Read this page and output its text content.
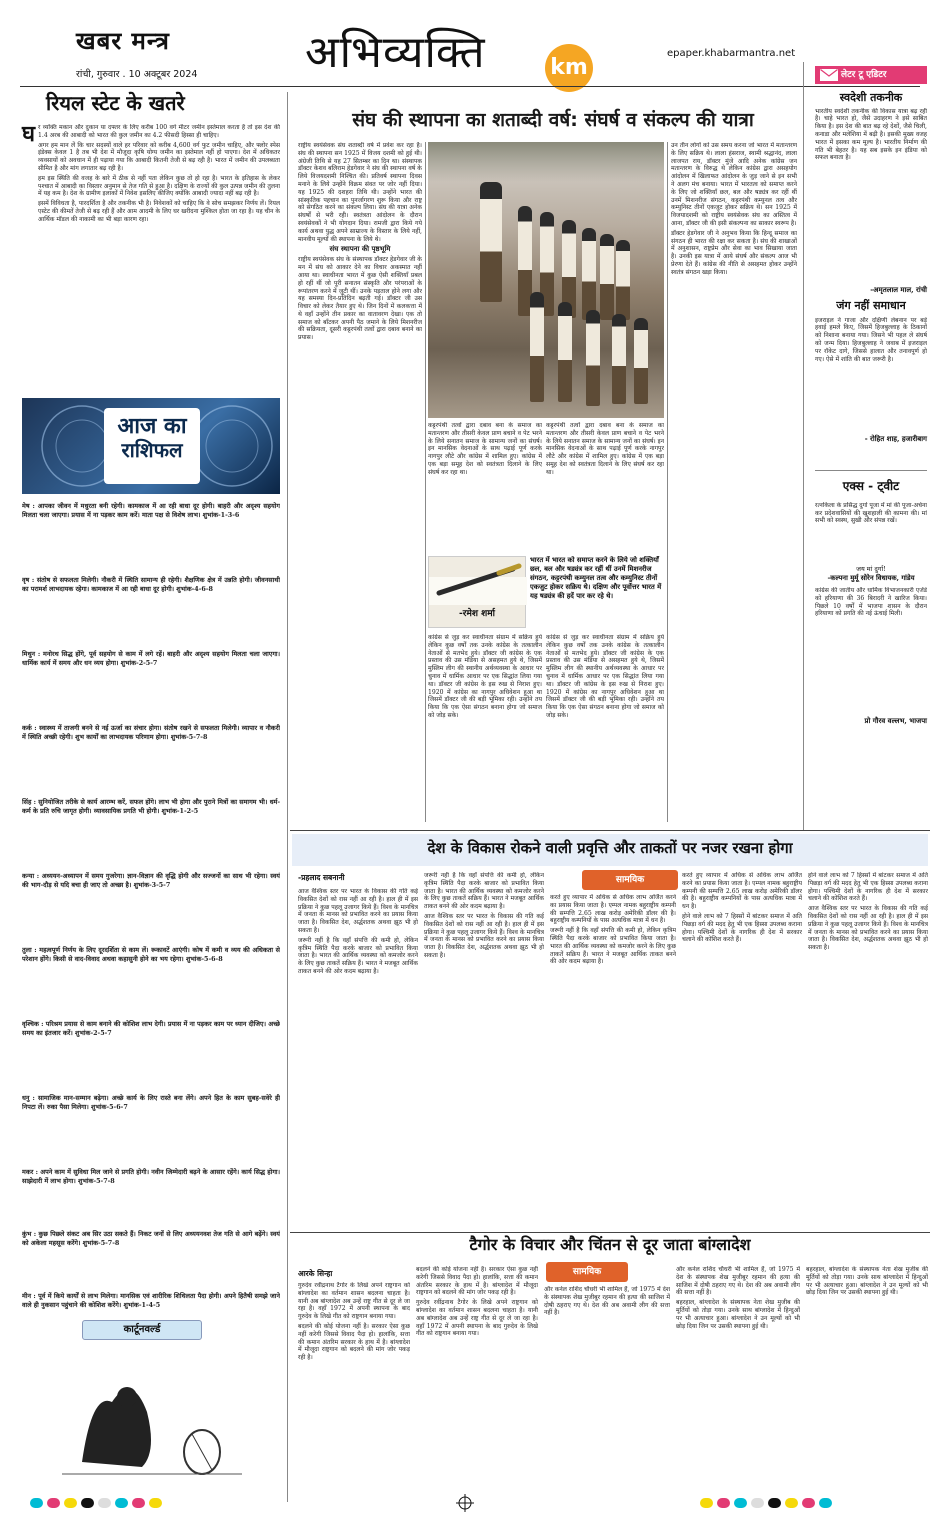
खबर मन्त्र
रांची, गुरुवार . 10 अक्टूबर 2024 अभिव्यक्ति	km
epaper.khabarmantra.net
रियल स्टेट के खतरे
घ र व्यक्ति मकान और दुकान या दफ्तर के लिए करीब 100 वर्ग मीटर जमीन इस्तेमाल करता है तो इस देश की 1.4 अरब की आबादी को भारत की कुल जमीन का 4.2 फीसदी हिस्सा ही चाहिए।

अगर हम मान लें कि चार सदस्यों वाले हर परिवार को करीब 4,600 वर्ग फुट जमीन चाहिए, और फ्लोर स्पेस इंडेक्स केवल 1 है तब भी देश में मौजूदा कृषि योग्य जमीन का इस्तेमाल नहीं हो पाएगा। देश में अधिकतर व्यवसायों को अवधान में ही पढ़ाया गया कि आबादी कितनी तेजी से बढ़ रही है। भारत में जमीन की उपलब्धता सीमित है और मांग लगातार बढ़ रही है।

हम इस स्थिति की वजह के बारे में ठीक से नहीं पता लेकिन कुछ तो हो रहा है। भारत के इतिहास के लेकर पश्चात में आबादी का विस्तार अनुमान से तेज गति से हुआ है। दक्षिण के राज्यों की कुल उत्पन्न जमीन की तुलना में यह कम है। देश के ग्रामीण इलाकों में निवेश इसलिए कीजिए क्योंकि आबादी ज्यादा नहीं बढ़ रही है।

इसमें विविधता है, पारदर्शिता है और तकनीक भी है। निवेशकों को चाहिए कि वे सोच समझकर निर्णय लें। रियल एस्टेट की कीमतें तेजी से बढ़ रही हैं और आम आदमी के लिए घर खरीदना मुश्किल होता जा रहा है। यह चीन के आर्थिक मॉडल की नाकामी का भी बड़ा कारण रहा।

आज का
राशिफल

मेष : आपका जीवन में मधुरता बनी रहेगी। कामकाज में आ रही बाधा दूर होगी। बाहरी और अदृश्य सहयोग मिलता चला जाएगा। प्रयास में ना पड़कर काम करें। माता पक्ष से विशेष लाभ। शुभांक-1-3-6

वृष : संतोष से सफलता मिलेगी। नौकरी में स्थिति सामान्य ही रहेगी। शैक्षणिक क्षेत्र में उन्नति होगी। जीवनसाथी का परामर्श लाभदायक रहेगा। कामकाज में आ रही बाधा दूर होगी। शुभांक-4-6-8

मिथुन : मनोरथ सिद्ध होंगे, पूर्व सहयोग से काम में लगे रहें। बाहरी और अदृश्य सहयोग मिलता चला जाएगा। धार्मिक कार्य में समय और धन व्यय होगा। शुभांक-2-5-7

कर्क : स्वास्थ्य में ताजगी बनने से नई ऊर्जा का संचार होगा। संतोष रखने से सफलता मिलेगी। व्यापार व नौकरी में स्थिति अच्छी रहेगी। शुभ कार्यों का लाभदायक परिणाम होगा। शुभांक-5-7-8

सिंह : सुनियोजित तरीके से कार्य आरम्भ करें, सफल होंगे। लाभ भी होगा और पुराने मित्रों का समागम भी। धर्म-कर्म के प्रति रुचि जागृत होगी। व्यावसायिक प्रगति भी होगी। शुभांक-1-2-5

कन्या : अध्ययन-अध्यापन में समय गुजरेगा। ज्ञान-विज्ञान की वृद्धि होगी और सज्जनों का साथ भी रहेगा। स्वयं की भाग-दौड़ से यदि बचा ही जाए तो अच्छा है। शुभांक-3-5-7

तुला : महत्वपूर्ण निर्णय के लिए दूरदर्शिता से काम लें। रूकावटें आएंगी। कोष में कमी व व्यय की अधिकता से परेशान होंगे। किसी से वाद-विवाद अथवा कहासुनी होने का भय रहेगा। शुभांक-5-6-8

वृश्चिक : परिश्रम प्रयास से काम बनाने की कोशिश लाभ देगी। प्रयास में ना पड़कर काम पर ध्यान दीजिए। अच्छे समय का इंतजार करें। शुभांक-2-5-7

धनु : सामाजिक मान-सम्मान बढ़ेगा। अच्छे कार्य के लिए रास्ते बना लेंगे। अपने हित के काम सुबह-सवेरे ही निपटा लें। रुका पैसा मिलेगा। शुभांक-5-6-7

मकर : अपने काम में सुविधा मिल जाने से प्रगति होगी। नवीन जिम्मेदारी बढ़ने के आसार रहेंगे। कार्य सिद्ध होगा। साझेदारी में लाभ होगा। शुभांक-5-7-8

कुंभ : कुछ पिछले संकट अब सिर उठा सकते हैं। निकट जनों से लिए अध्ययनवश तेज गति से आगे बढ़ेंगे। स्वयं को अकेला महसूस करेंगे। शुभांक-5-7-8

मीन : पूर्व में किये कार्यों से लाभ मिलेगा। मानसिक एवं शारीरिक शिथिलता पैदा होगी। अपने हितैषी समझे जाने वाले ही नुकसान पहुंचाने की कोशिश करेंगे। शुभांक-1-4-5

कार्टूनवर्ल्ड
संघ की स्थापना का शताब्दी वर्ष: संघर्ष व संकल्प की यात्रा

राष्ट्रीय स्वयंसेवक संघ शताब्दी वर्ष में प्रवेश कर रहा है। संघ की स्थापना सन 1925 में विजय दशमी को हुई थी। अंग्रेजी तिथि से यह 27 सितम्बर का दिन था। संस्थापक डॉक्टर केशव बलिराम हेडगेवार ने संघ की स्थापना वर्ष के लिये विजयदशमी निश्चित की। प्रतिवर्ष स्थापना दिवस मनाने के लिये उन्होंने विक्रम संवत पर जोर नहीं दिया। यह 1925 की दशहरा तिथि थी। उन्होंने भारत की सांस्कृतिक पहचान का पुनर्जागरण शुरू किया और राष्ट्र को संगठित करने का संकल्प लिया। संघ की यात्रा अनेक संघर्षों से भरी रही। स्वतंत्रता आंदोलन के दौरान स्वयंसेवकों ने भी योगदान दिया। रामजी द्वारा किये गये कार्य अथवा युद्ध अपने साम्राज्य के विस्तार के लिये नहीं, मानवीय मूल्यों की स्थापना के लिये थे।

संघ स्थापना की पृष्ठभूमि

राष्ट्रीय स्वयंसेवक संघ के संस्थापक डॉक्टर हेडगेवार जी के मन में संघ को आकार देने का विचार अकस्मात नहीं आया था। स्वाधीनता भारत में कुछ ऐसी शक्तियाँ प्रबल हो रहीं थीं जो पूरी सनातन संस्कृति और परंपराओं के रूपांतरण करने में जुटी थीं। उनके पड़ताल होने लगा और यह समस्या दिन-प्रतिदिन बढ़ती गई। डॉक्टर जी उस विचार को लेकर तैयार हुए थे। जिन दिनों में कलकत्ता में थे वहाँ उन्होंने तीन प्रकार का वातावरण देखा। एक तो समाज को बाँटकर अपनी पैठ जमाने के लिये मिशनरीज की सक्रियता, दूसरी कट्टरपंथी तत्वों द्वारा दबाव बनाने का प्रयास।

कट्टरपंथी तत्वों द्वारा दबाव बना के समाज का मतान्तरण और तीसरी केवल प्राण बचाने व पेट भरने के लिये सनातन समाज के सामान्य जनों का संघर्ष। इन मानसिक वेदनाओं के साथ पढ़ाई पूर्ण करके नागपुर लौटे और कांग्रेस में शामिल हुए। कांग्रेस में एक बड़ा समूह देश को स्वतंत्रता दिलाने के लिए संघर्ष कर रहा था।

कट्टरपंथी तत्वों द्वारा दबाव बना के समाज का मतान्तरण और तीसरी केवल प्राण बचाने व पेट भरने के लिये सनातन समाज के सामान्य जनों का संघर्ष। इन मानसिक वेदनाओं के साथ पढ़ाई पूर्ण करके नागपुर लौटे और कांग्रेस में शामिल हुए। कांग्रेस में एक बड़ा समूह देश को स्वतंत्रता दिलाने के लिए संघर्ष कर रहा था।

-रमेश शर्मा
भारत में भारत को समाप्त करने के लिये जो शक्तियाँ छल, बल और षड्यंत्र कर रहीं थीं उनमें मिशनरीज संगठन, कट्टरपंथी कम्युनल तत्व और कम्युनिस्ट तीनों एकजुट होकर सक्रिय थे। दक्षिण और पूर्वोत्तर भारत में यह षड्यंत्र की हदें पार कर रहे थे।

कांग्रेस से जुड़ कर स्वाधीनता संग्राम में सक्रिय हुये लेकिन कुछ वर्षों तक उनके कांग्रेस के तत्कालीन नेताओं से मतभेद हुये। डॉक्टर जी कांग्रेस के एक प्रस्ताव की उस मंडिया से असहमत हुये थे, जिसमें मुस्लिम लीग की स्थानीय अर्थव्यवस्था के आधार पर चुनाव में धार्मिक आधार पर एक सिद्धांत लिया गया था। डॉक्टर जी कांग्रेस के इस रुख से निराश हुए। 1920 में कांग्रेस का नागपुर अधिवेशन हुआ था जिसमें डॉक्टर जी की बड़ी भूमिका रही। उन्होंने तय किया कि एक ऐसा संगठन बनाना होगा जो समाज को जोड़ सके।

कांग्रेस से जुड़ कर स्वाधीनता संग्राम में सक्रिय हुये लेकिन कुछ वर्षों तक उनके कांग्रेस के तत्कालीन नेताओं से मतभेद हुये। डॉक्टर जी कांग्रेस के एक प्रस्ताव की उस मंडिया से असहमत हुये थे, जिसमें मुस्लिम लीग की स्थानीय अर्थव्यवस्था के आधार पर चुनाव में धार्मिक आधार पर एक सिद्धांत लिया गया था। डॉक्टर जी कांग्रेस के इस रुख से निराश हुए। 1920 में कांग्रेस का नागपुर अधिवेशन हुआ था जिसमें डॉक्टर जी की बड़ी भूमिका रही। उन्होंने तय किया कि एक ऐसा संगठन बनाना होगा जो समाज को जोड़ सके।

उन तीन लोगों को उस समय करना जो भारत में मतान्तरण के लिए सक्रिय थे। लाला हंसराज, स्वामी श्रद्धानंद, लाला लाजपत राय, डॉक्टर मुंजे आदि अनेक कांग्रेस जन मतान्तरण के विरुद्ध थे लेकिन कांग्रेस द्वारा असहयोग आंदोलन में खिलाफत आंदोलन के जुड़ जाने से इन सभी ने अलग मंच बनाया। भारत में भारतत्व को समाप्त करने के लिए जो शक्तियाँ छल, बल और षड्यंत्र कर रहीं थीं उनमें मिशनरीज संगठन, कट्टरपंथी कम्युनल तत्व और कम्युनिस्ट तीनों एकजुट होकर सक्रिय थे। सन 1925 में विजयादशमी को राष्ट्रीय स्वयंसेवक संघ का अस्तित्व में आना, डॉक्टर जी की इसी संकल्पना का साकार स्वरूप है।

डॉक्टर हेडगेवार जी ने अनुभव किया कि हिन्दू समाज का संगठन ही भारत की रक्षा कर सकता है। संघ की शाखाओं में अनुशासन, राष्ट्रप्रेम और सेवा का भाव सिखाया जाता है। उनकी इस यात्रा में आये संघर्ष और संकल्प आज भी प्रेरणा देते हैं। कांग्रेस की नीति से असहमत होकर उन्होंने स्वतंत्र संगठन खड़ा किया।

लेटर टू एडिटर
स्वदेशी तकनीक
भारतीय स्वदेशी तकनीक की विकास यात्रा बढ़ रही है। चाहे भारत हो, जैसे उदाहरण ने इसे साबित किया है। इस देश की बात बढ़ रहे देशों, जैसे चिली, कनाडा और मलेशिया में बढ़ी है। इसकी मुख्य वजह भारत में इसका कम मूल्य है। भारतीय निर्माण की गति भी बेहतर है। यह सब इसके इन इंडिया को सफल बनाता है।
-अमृतलाल माल, रांची
जंग नहीं समाधान
इजराइल ने गाजा और दक्षिणी लेबनान पर बड़े हवाई हमले किए, जिसमें हिजबुल्लाह के ठिकानों को निशाना बनाया गया। जिसने भी पहल ले संघर्ष को जन्म दिया। हिजबुल्लाह ने जवाब में इजराइल पर रॉकेट दागे, जिससे हालात और तनावपूर्ण हो गए। ऐसे में शांति की बात जरूरी है।
- रोहित शाह, हजारीबाग
एक्स - ट्वीट
रत्नकिला के प्रसिद्ध दुर्गा पूजा में मां की पूजा-अर्चना कर प्रदेशवासियों की खुशहाली की कामना की। मां सभी को स्वस्थ, सुखी और संपन्न रखें।
जय मां दुर्गा!
-कल्पना मुर्मू सोरेन विधायक, गांडेय
कांग्रेस की जातीय और धार्मिक विभाजनकारी एजेंडे को हरियाणा की 36 बिरादरी ने खारिज किया। पिछले 10 वर्षों में भाजपा शासन के दौरान हरियाणा को प्रगति की नई ऊंचाई मिली।
प्रो गौरव वल्लभ, भाजपा
देश के विकास रोकने वाली प्रवृत्ति और ताकतों पर नजर रखना होगा
-प्रहलाद सबनानी	सामयिक

आज वैश्विक स्तर पर भारत के विकास की गति कई विकसित देशों को रास नहीं आ रही है। हाल ही में इस प्रक्रिया ने कुछ पहलू उजागर किये हैं। विश्व के मानचित्र में जनता के मानस को प्रभावित करने का प्रयास किया जाता है। विकसित देश, अर्द्धशतक अथवा झूठ भी हो सकता है।

जरूरी नहीं है कि वहाँ संपत्ति की कमी हो, लेकिन कृत्रिम स्थिति पैदा करके बाजार को प्रभावित किया जाता है। भारत की आर्थिक व्यवस्था को कमजोर करने के लिए कुछ ताकतें सक्रिय हैं। भारत ने मजबूत आर्थिक ताकत बनने की ओर कदम बढ़ाया है।

जरूरी नहीं है कि वहाँ संपत्ति की कमी हो, लेकिन कृत्रिम स्थिति पैदा करके बाजार को प्रभावित किया जाता है। भारत की आर्थिक व्यवस्था को कमजोर करने के लिए कुछ ताकतें सक्रिय हैं। भारत ने मजबूत आर्थिक ताकत बनने की ओर कदम बढ़ाया है।

आज वैश्विक स्तर पर भारत के विकास की गति कई विकसित देशों को रास नहीं आ रही है। हाल ही में इस प्रक्रिया ने कुछ पहलू उजागर किये हैं। विश्व के मानचित्र में जनता के मानस को प्रभावित करने का प्रयास किया जाता है। विकसित देश, अर्द्धशतक अथवा झूठ भी हो सकता है।

करते हुए व्यापार में अधिक से अधिक लाभ अर्जित करने का प्रयास किया जाता है। एम्पल नामक बहुराष्ट्रीय कम्पनी की सम्पत्ति 2.65 लाख करोड़ अमेरिकी डॉलर की है। बहुराष्ट्रीय कम्पनियों के पास अत्यधिक मात्रा में धन है।

जरूरी नहीं है कि वहाँ संपत्ति की कमी हो, लेकिन कृत्रिम स्थिति पैदा करके बाजार को प्रभावित किया जाता है। भारत की आर्थिक व्यवस्था को कमजोर करने के लिए कुछ ताकतें सक्रिय हैं। भारत ने मजबूत आर्थिक ताकत बनने की ओर कदम बढ़ाया है।

करते हुए व्यापार में अधिक से अधिक लाभ अर्जित करने का प्रयास किया जाता है। एम्पल नामक बहुराष्ट्रीय कम्पनी की सम्पत्ति 2.65 लाख करोड़ अमेरिकी डॉलर की है। बहुराष्ट्रीय कम्पनियों के पास अत्यधिक मात्रा में धन है।

होने वाले लाभ को 7 हिस्सों में बांटकर समाज में अति पिछड़ा वर्ग की मदद हेतु भी एक हिस्सा उपलब्ध कराना होगा। पश्चिमी देशों के नागरिक ही देश में सरकार चलाने की कोशिश करते हैं।

होने वाले लाभ को 7 हिस्सों में बांटकर समाज में अति पिछड़ा वर्ग की मदद हेतु भी एक हिस्सा उपलब्ध कराना होगा। पश्चिमी देशों के नागरिक ही देश में सरकार चलाने की कोशिश करते हैं।

आज वैश्विक स्तर पर भारत के विकास की गति कई विकसित देशों को रास नहीं आ रही है। हाल ही में इस प्रक्रिया ने कुछ पहलू उजागर किये हैं। विश्व के मानचित्र में जनता के मानस को प्रभावित करने का प्रयास किया जाता है। विकसित देश, अर्द्धशतक अथवा झूठ भी हो सकता है।

टैगोर के विचार और चिंतन से दूर जाता बांग्लादेश
आरके सिन्हा	सामयिक

गुरुदेव रवींद्रनाथ टैगोर के लिखे अपने राष्ट्रगान को बांग्लादेश का वर्तमान शासन बदलना चाहता है। यानी अब बांग्लादेश अब उन्हें राष्ट्र गीत से दूर ले जा रहा है। वहाँ 1972 में अपनी स्थापना के बाद गुरुदेव के लिखे गीत को राष्ट्रगान बनाया गया।

बदलने की कोई योजना नहीं है। सरकार ऐसा कुछ नहीं करेगी जिससे विवाद पैदा हो। हालांकि, सत्ता की कमान अंतरिम सरकार के हाथ में है। बांग्लादेश में मौजूदा राष्ट्रगान को बदलने की मांग जोर पकड़ रही है।

बदलने की कोई योजना नहीं है। सरकार ऐसा कुछ नहीं करेगी जिससे विवाद पैदा हो। हालांकि, सत्ता की कमान अंतरिम सरकार के हाथ में है। बांग्लादेश में मौजूदा राष्ट्रगान को बदलने की मांग जोर पकड़ रही है।

गुरुदेव रवींद्रनाथ टैगोर के लिखे अपने राष्ट्रगान को बांग्लादेश का वर्तमान शासन बदलना चाहता है। यानी अब बांग्लादेश अब उन्हें राष्ट्र गीत से दूर ले जा रहा है। वहाँ 1972 में अपनी स्थापना के बाद गुरुदेव के लिखे गीत को राष्ट्रगान बनाया गया।

और कर्नल राशिद चौधरी भी शामिल हैं, जो 1975 में देश के संस्थापक शेख मुजीबुर रहमान की हत्या की साजिश में दोषी ठहराए गए थे। देश की अब अवामी लीग की सत्ता नहीं है।

और कर्नल राशिद चौधरी भी शामिल हैं, जो 1975 में देश के संस्थापक शेख मुजीबुर रहमान की हत्या की साजिश में दोषी ठहराए गए थे। देश की अब अवामी लीग की सत्ता नहीं है।

बहरहाल, बांग्लादेश के संस्थापक नेता शेख मुजीब की मूर्तियों को तोड़ा गया। उनके साथ बांग्लादेश में हिन्दुओं पर भी अत्याचार हुआ। बांग्लादेश ने उन मूल्यों को भी छोड़ दिया जिन पर उसकी स्थापना हुई थी।

बहरहाल, बांग्लादेश के संस्थापक नेता शेख मुजीब की मूर्तियों को तोड़ा गया। उनके साथ बांग्लादेश में हिन्दुओं पर भी अत्याचार हुआ। बांग्लादेश ने उन मूल्यों को भी छोड़ दिया जिन पर उसकी स्थापना हुई थी।
